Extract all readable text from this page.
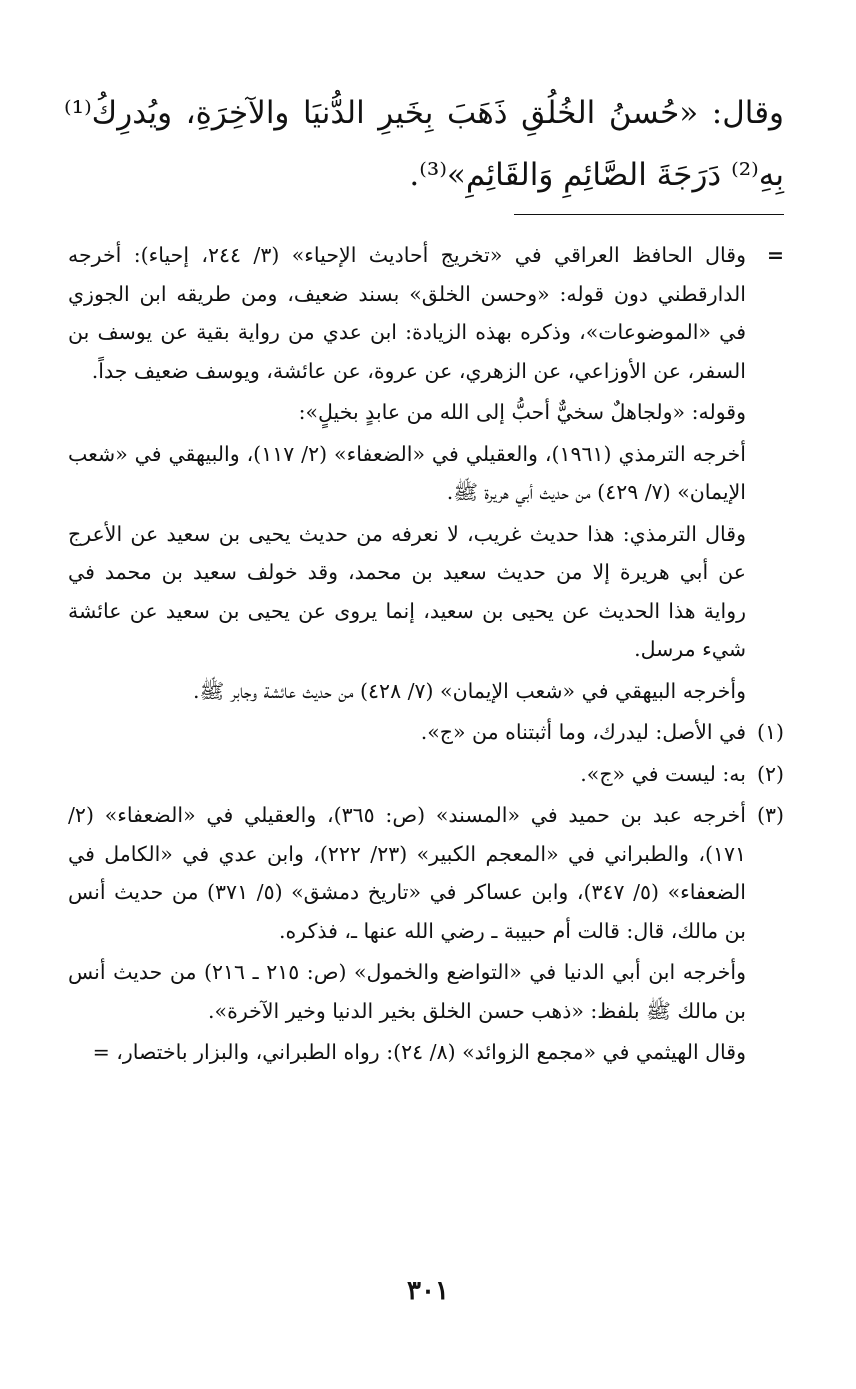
وقال: «حُسنُ الخُلُقِ ذَهَبَ بِخَيرِ الدُّنيَا والآخِرَةِ، ويُدرِكُ⁽¹⁾ بِهِ⁽²⁾ دَرَجَةَ الصَّائِمِ وَالقَائِمِ»⁽³⁾.

=

وقال الحافظ العراقي في «تخريج أحاديث الإحياء» (٣/ ٢٤٤، إحياء): أخرجه الدارقطني دون قوله: «وحسن الخلق» بسند ضعيف، ومن طريقه ابن الجوزي في «الموضوعات»، وذكره بهذه الزيادة: ابن عدي من رواية بقية عن يوسف بن السفر، عن الأوزاعي، عن الزهري، عن عروة، عن عائشة، ويوسف ضعيف جداً.

وقوله: «ولجاهلٌ سخيٌّ أحبُّ إلى الله من عابدٍ بخيلٍ»:

أخرجه الترمذي (١٩٦١)، والعقيلي في «الضعفاء» (٢/ ١١٧)، والبيهقي في «شعب الإيمان» (٧/ ٤٢٩) من حديث أبي هريرة ﷺ.

وقال الترمذي: هذا حديث غريب، لا نعرفه من حديث يحيى بن سعيد عن الأعرج عن أبي هريرة إلا من حديث سعيد بن محمد، وقد خولف سعيد بن محمد في رواية هذا الحديث عن يحيى بن سعيد، إنما يروى عن يحيى بن سعيد عن عائشة شيء مرسل.

وأخرجه البيهقي في «شعب الإيمان» (٧/ ٤٢٨) من حديث عائشة وجابر ﷺ.

(١)

في الأصل: ليدرك، وما أثبتناه من «ج».

(٢)

به: ليست في «ج».

(٣)

أخرجه عبد بن حميد في «المسند» (ص: ٣٦٥)، والعقيلي في «الضعفاء» (٢/ ١٧١)، والطبراني في «المعجم الكبير» (٢٣/ ٢٢٢)، وابن عدي في «الكامل في الضعفاء» (٥/ ٣٤٧)، وابن عساكر في «تاريخ دمشق» (٥/ ٣٧١) من حديث أنس بن مالك، قال: قالت أم حبيبة ـ رضي الله عنها ـ، فذكره.

وأخرجه ابن أبي الدنيا في «التواضع والخمول» (ص: ٢١٥ ـ ٢١٦) من حديث أنس بن مالك ﷺ بلفظ: «ذهب حسن الخلق بخير الدنيا وخير الآخرة».

وقال الهيثمي في «مجمع الزوائد» (٨/ ٢٤): رواه الطبراني، والبزار باختصار، =

٣٠١
